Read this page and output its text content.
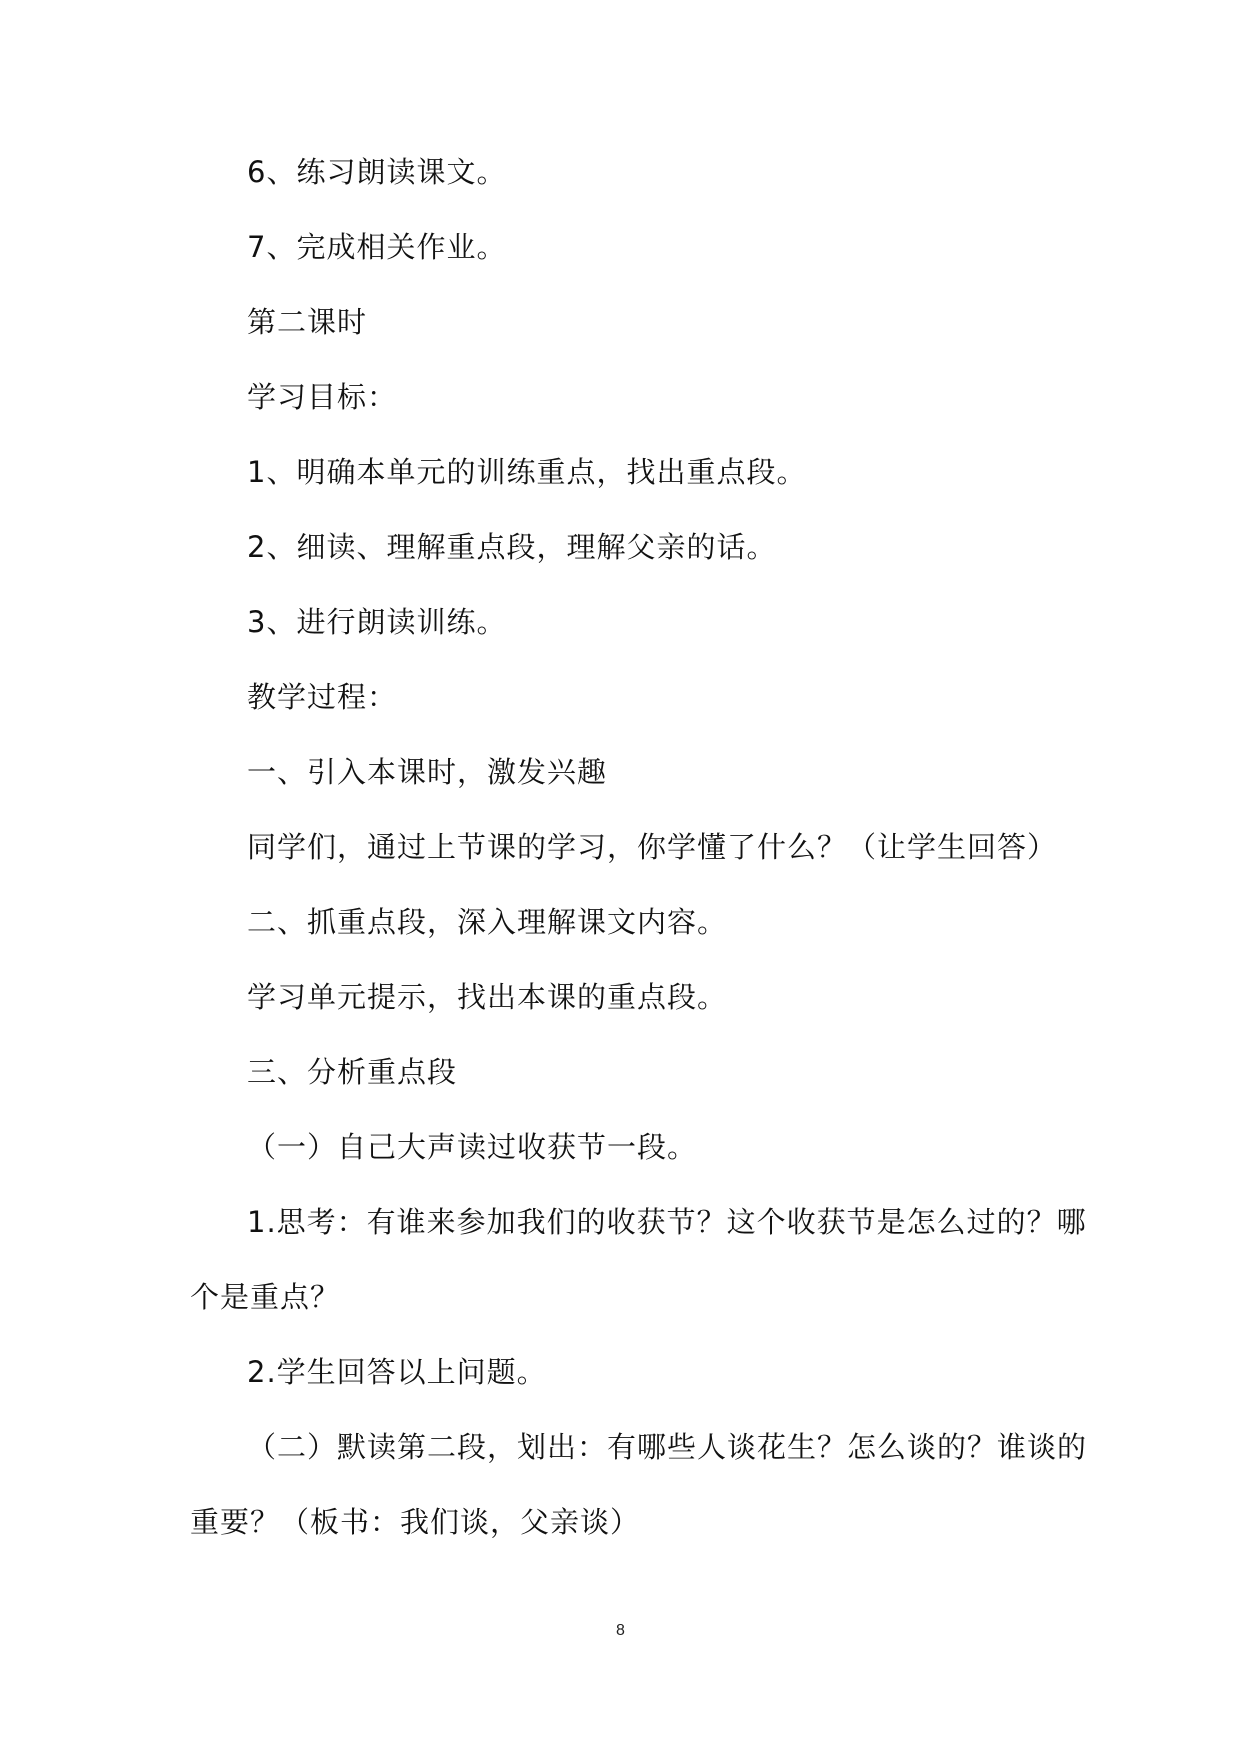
6、练习朗读课文。
7、完成相关作业。
第二课时
学习目标：
1、明确本单元的训练重点，找出重点段。
2、细读、理解重点段，理解父亲的话。
3、进行朗读训练。
教学过程：
一、引入本课时，激发兴趣
同学们，通过上节课的学习，你学懂了什么？（让学生回答）
二、抓重点段，深入理解课文内容。
学习单元提示，找出本课的重点段。
三、分析重点段
（一）自己大声读过收获节一段。
1.思考：有谁来参加我们的收获节？这个收获节是怎么过的？哪
个是重点？
2.学生回答以上问题。
（二）默读第二段，划出：有哪些人谈花生？怎么谈的？谁谈的
重要？（板书：我们谈，父亲谈）
8
